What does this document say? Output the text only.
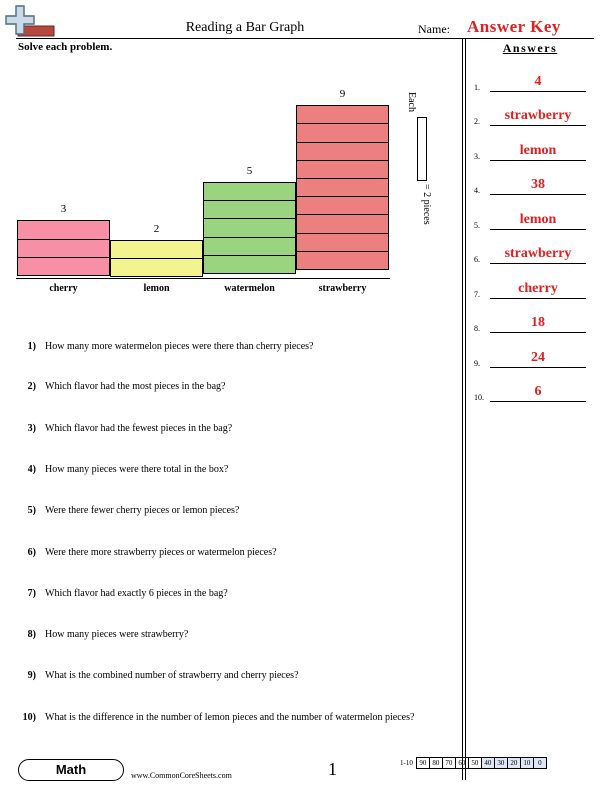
Reading a Bar Graph	Name: Answer Key
Solve each problem.	Answers
1.	4
2.	strawberry
3.	lemon
4.	38
5.	lemon
6.	strawberry
7.	cherry
8.	18
9.	24
10.	6
3
cherry
2
lemon
5
watermelon
9
strawberry
Each
= 2 pieces
1) How many more watermelon pieces were there than cherry pieces?
2) Which flavor had the most pieces in the bag?
3) Which flavor had the fewest pieces in the bag?
4) How many pieces were there total in the box?
5) Were there fewer cherry pieces or lemon pieces?
6) Were there more strawberry pieces or watermelon pieces?
7) Which flavor had exactly 6 pieces in the bag?
8) How many pieces were strawberry?
9) What is the combined number of strawberry and cherry pieces?
10) What is the difference in the number of lemon pieces and the number of watermelon pieces?
Math	www.CommonCoreSheets.com	1	1-10 90 80 70 60 50 40 30 20 10	0
